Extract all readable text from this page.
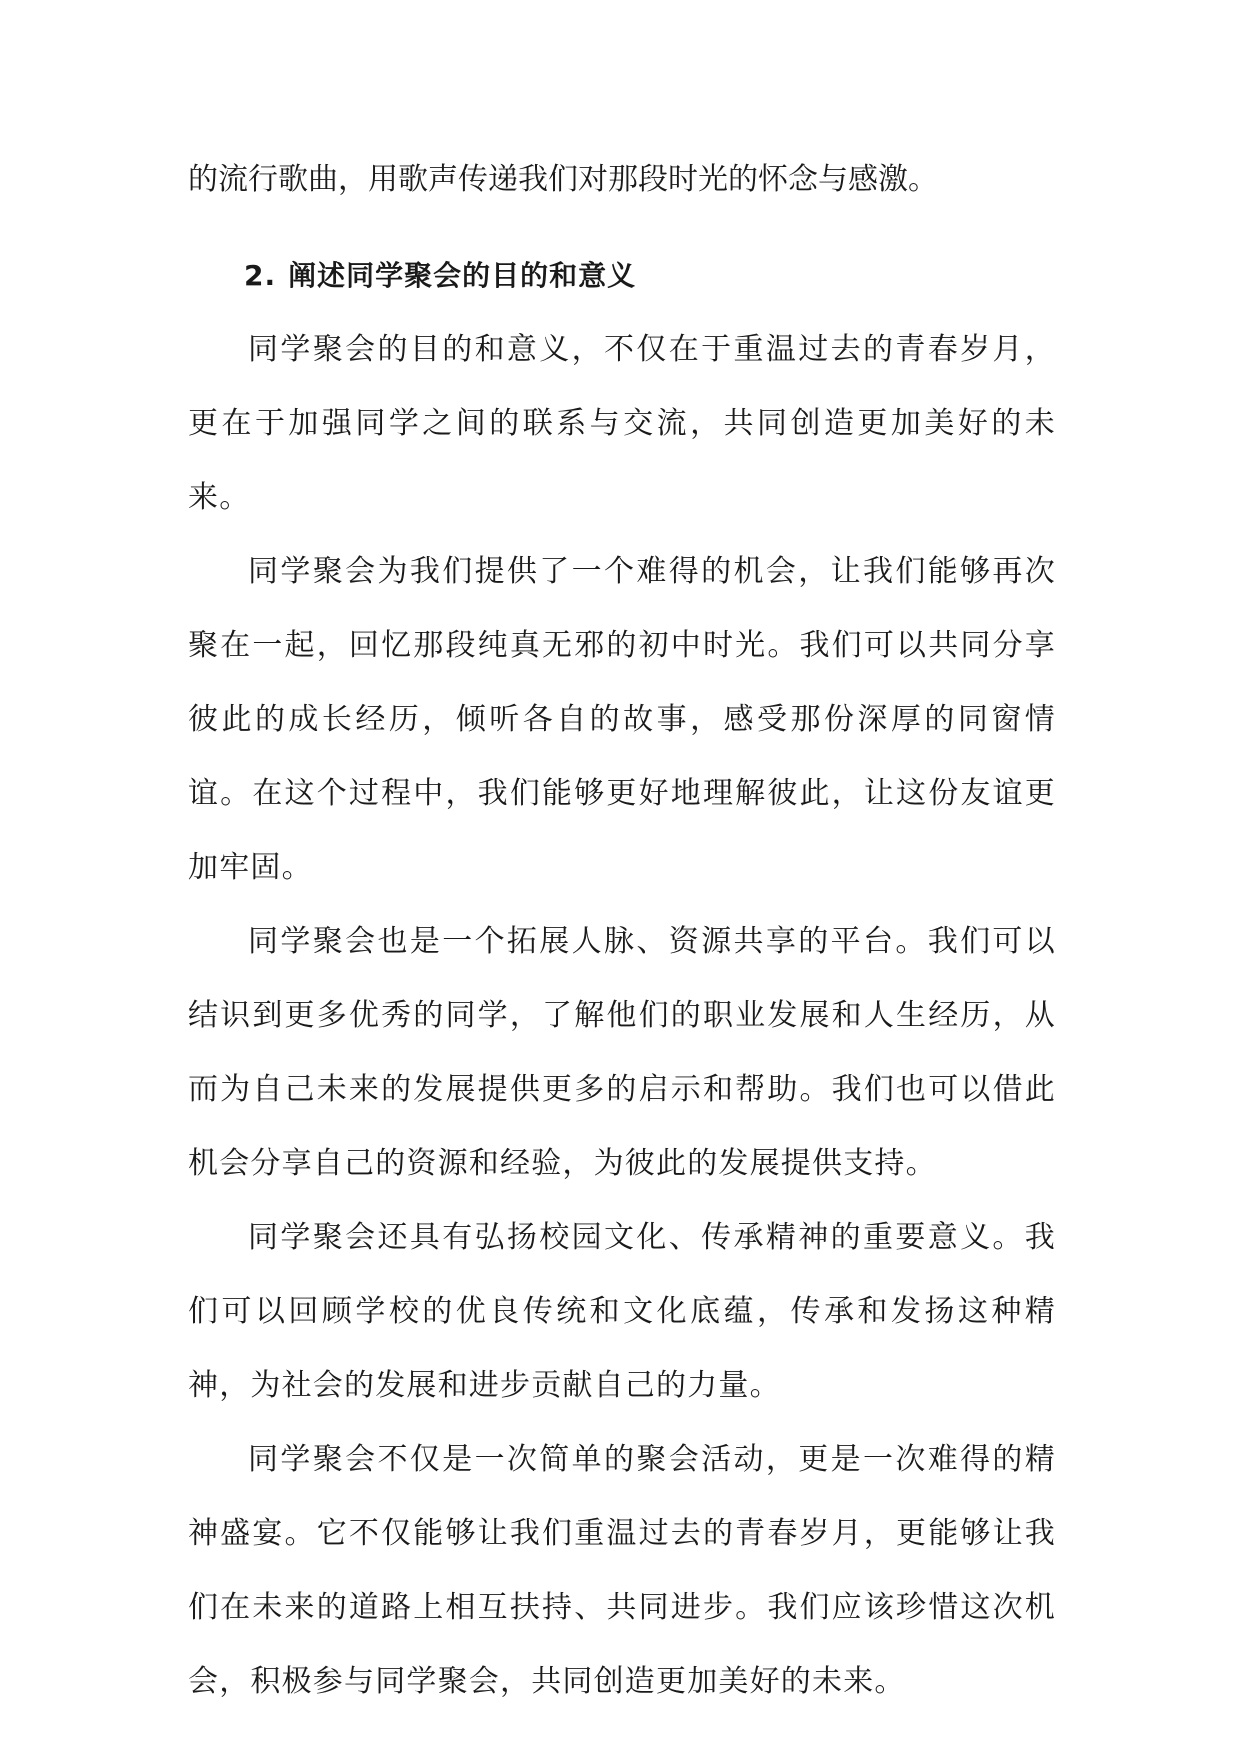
的流行歌曲，用歌声传递我们对那段时光的怀念与感激。

2. 阐述同学聚会的目的和意义

同学聚会的目的和意义，不仅在于重温过去的青春岁月，更在于加强同学之间的联系与交流，共同创造更加美好的未来。

同学聚会为我们提供了一个难得的机会，让我们能够再次聚在一起，回忆那段纯真无邪的初中时光。我们可以共同分享彼此的成长经历，倾听各自的故事，感受那份深厚的同窗情谊。在这个过程中，我们能够更好地理解彼此，让这份友谊更加牢固。

同学聚会也是一个拓展人脉、资源共享的平台。我们可以结识到更多优秀的同学，了解他们的职业发展和人生经历，从而为自己未来的发展提供更多的启示和帮助。我们也可以借此机会分享自己的资源和经验，为彼此的发展提供支持。

同学聚会还具有弘扬校园文化、传承精神的重要意义。我们可以回顾学校的优良传统和文化底蕴，传承和发扬这种精神，为社会的发展和进步贡献自己的力量。

同学聚会不仅是一次简单的聚会活动，更是一次难得的精神盛宴。它不仅能够让我们重温过去的青春岁月，更能够让我们在未来的道路上相互扶持、共同进步。我们应该珍惜这次机会，积极参与同学聚会，共同创造更加美好的未来。
